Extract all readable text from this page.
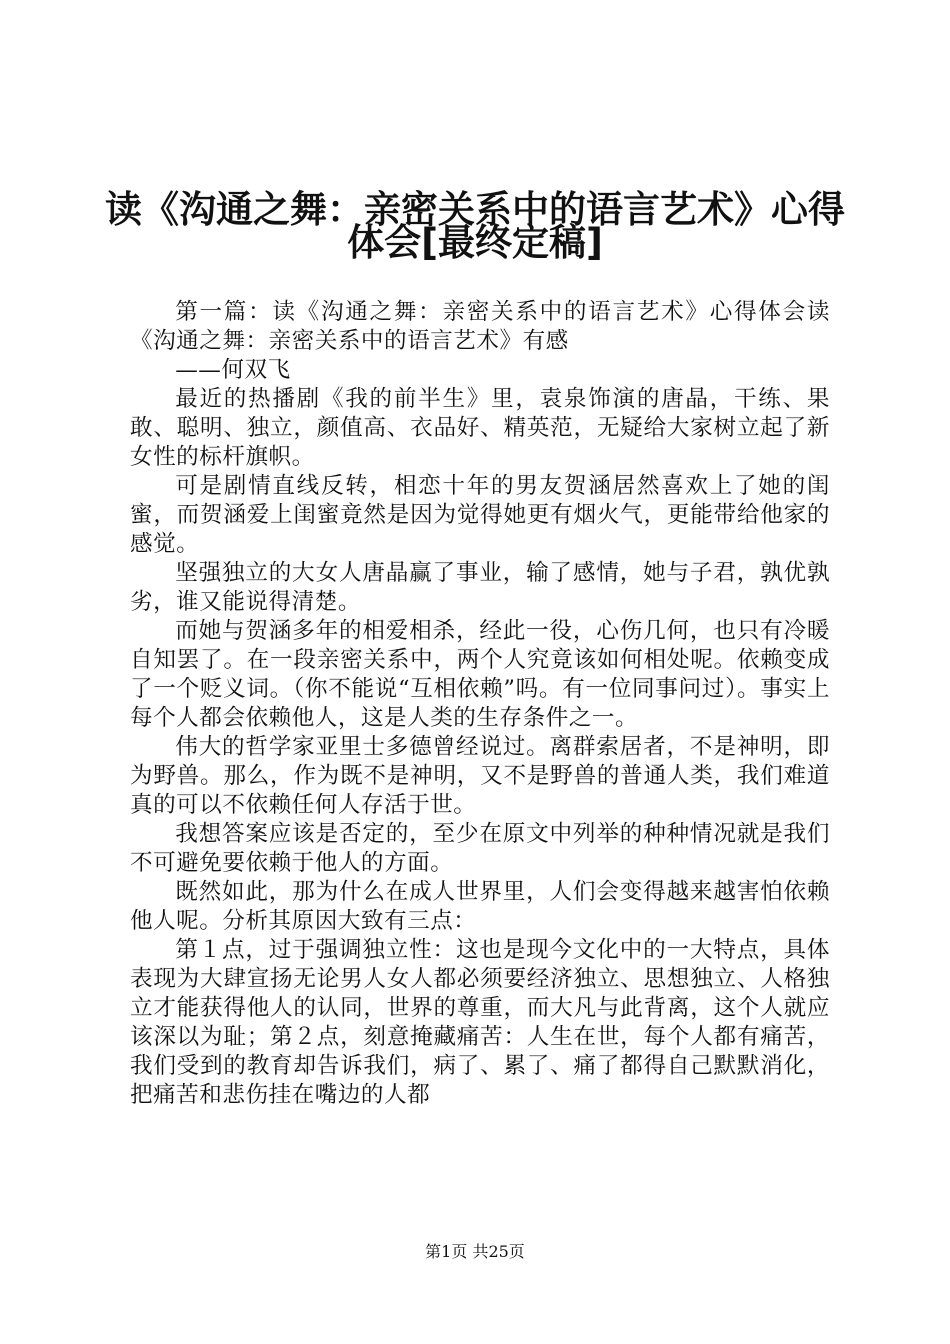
读《沟通之舞：亲密关系中的语言艺术》心得
体会[最终定稿]

第一篇：读《沟通之舞：亲密关系中的语言艺术》心得体会读《沟通之舞：亲密关系中的语言艺术》有感

——何双飞

最近的热播剧《我的前半生》里，袁泉饰演的唐晶，干练、果敢、聪明、独立，颜值高、衣品好、精英范，无疑给大家树立起了新女性的标杆旗帜。

可是剧情直线反转，相恋十年的男友贺涵居然喜欢上了她的闺蜜，而贺涵爱上闺蜜竟然是因为觉得她更有烟火气，更能带给他家的感觉。

坚强独立的大女人唐晶赢了事业，输了感情，她与子君，孰优孰劣，谁又能说得清楚。

而她与贺涵多年的相爱相杀，经此一役，心伤几何，也只有冷暖自知罢了。在一段亲密关系中，两个人究竟该如何相处呢。依赖变成了一个贬义词。（你不能说“互相依赖”吗。有一位同事问过）。事实上每个人都会依赖他人，这是人类的生存条件之一。

伟大的哲学家亚里士多德曾经说过。离群索居者，不是神明，即为野兽。那么，作为既不是神明，又不是野兽的普通人类，我们难道真的可以不依赖任何人存活于世。

我想答案应该是否定的，至少在原文中列举的种种情况就是我们不可避免要依赖于他人的方面。

既然如此，那为什么在成人世界里，人们会变得越来越害怕依赖他人呢。分析其原因大致有三点：

第１点，过于强调独立性：这也是现今文化中的一大特点，具体表现为大肆宣扬无论男人女人都必须要经济独立、思想独立、人格独立才能获得他人的认同，世界的尊重，而大凡与此背离，这个人就应该深以为耻；第２点，刻意掩藏痛苦：人生在世，每个人都有痛苦，我们受到的教育却告诉我们，病了、累了、痛了都得自己默默消化，把痛苦和悲伤挂在嘴边的人都

第1页 共25页
